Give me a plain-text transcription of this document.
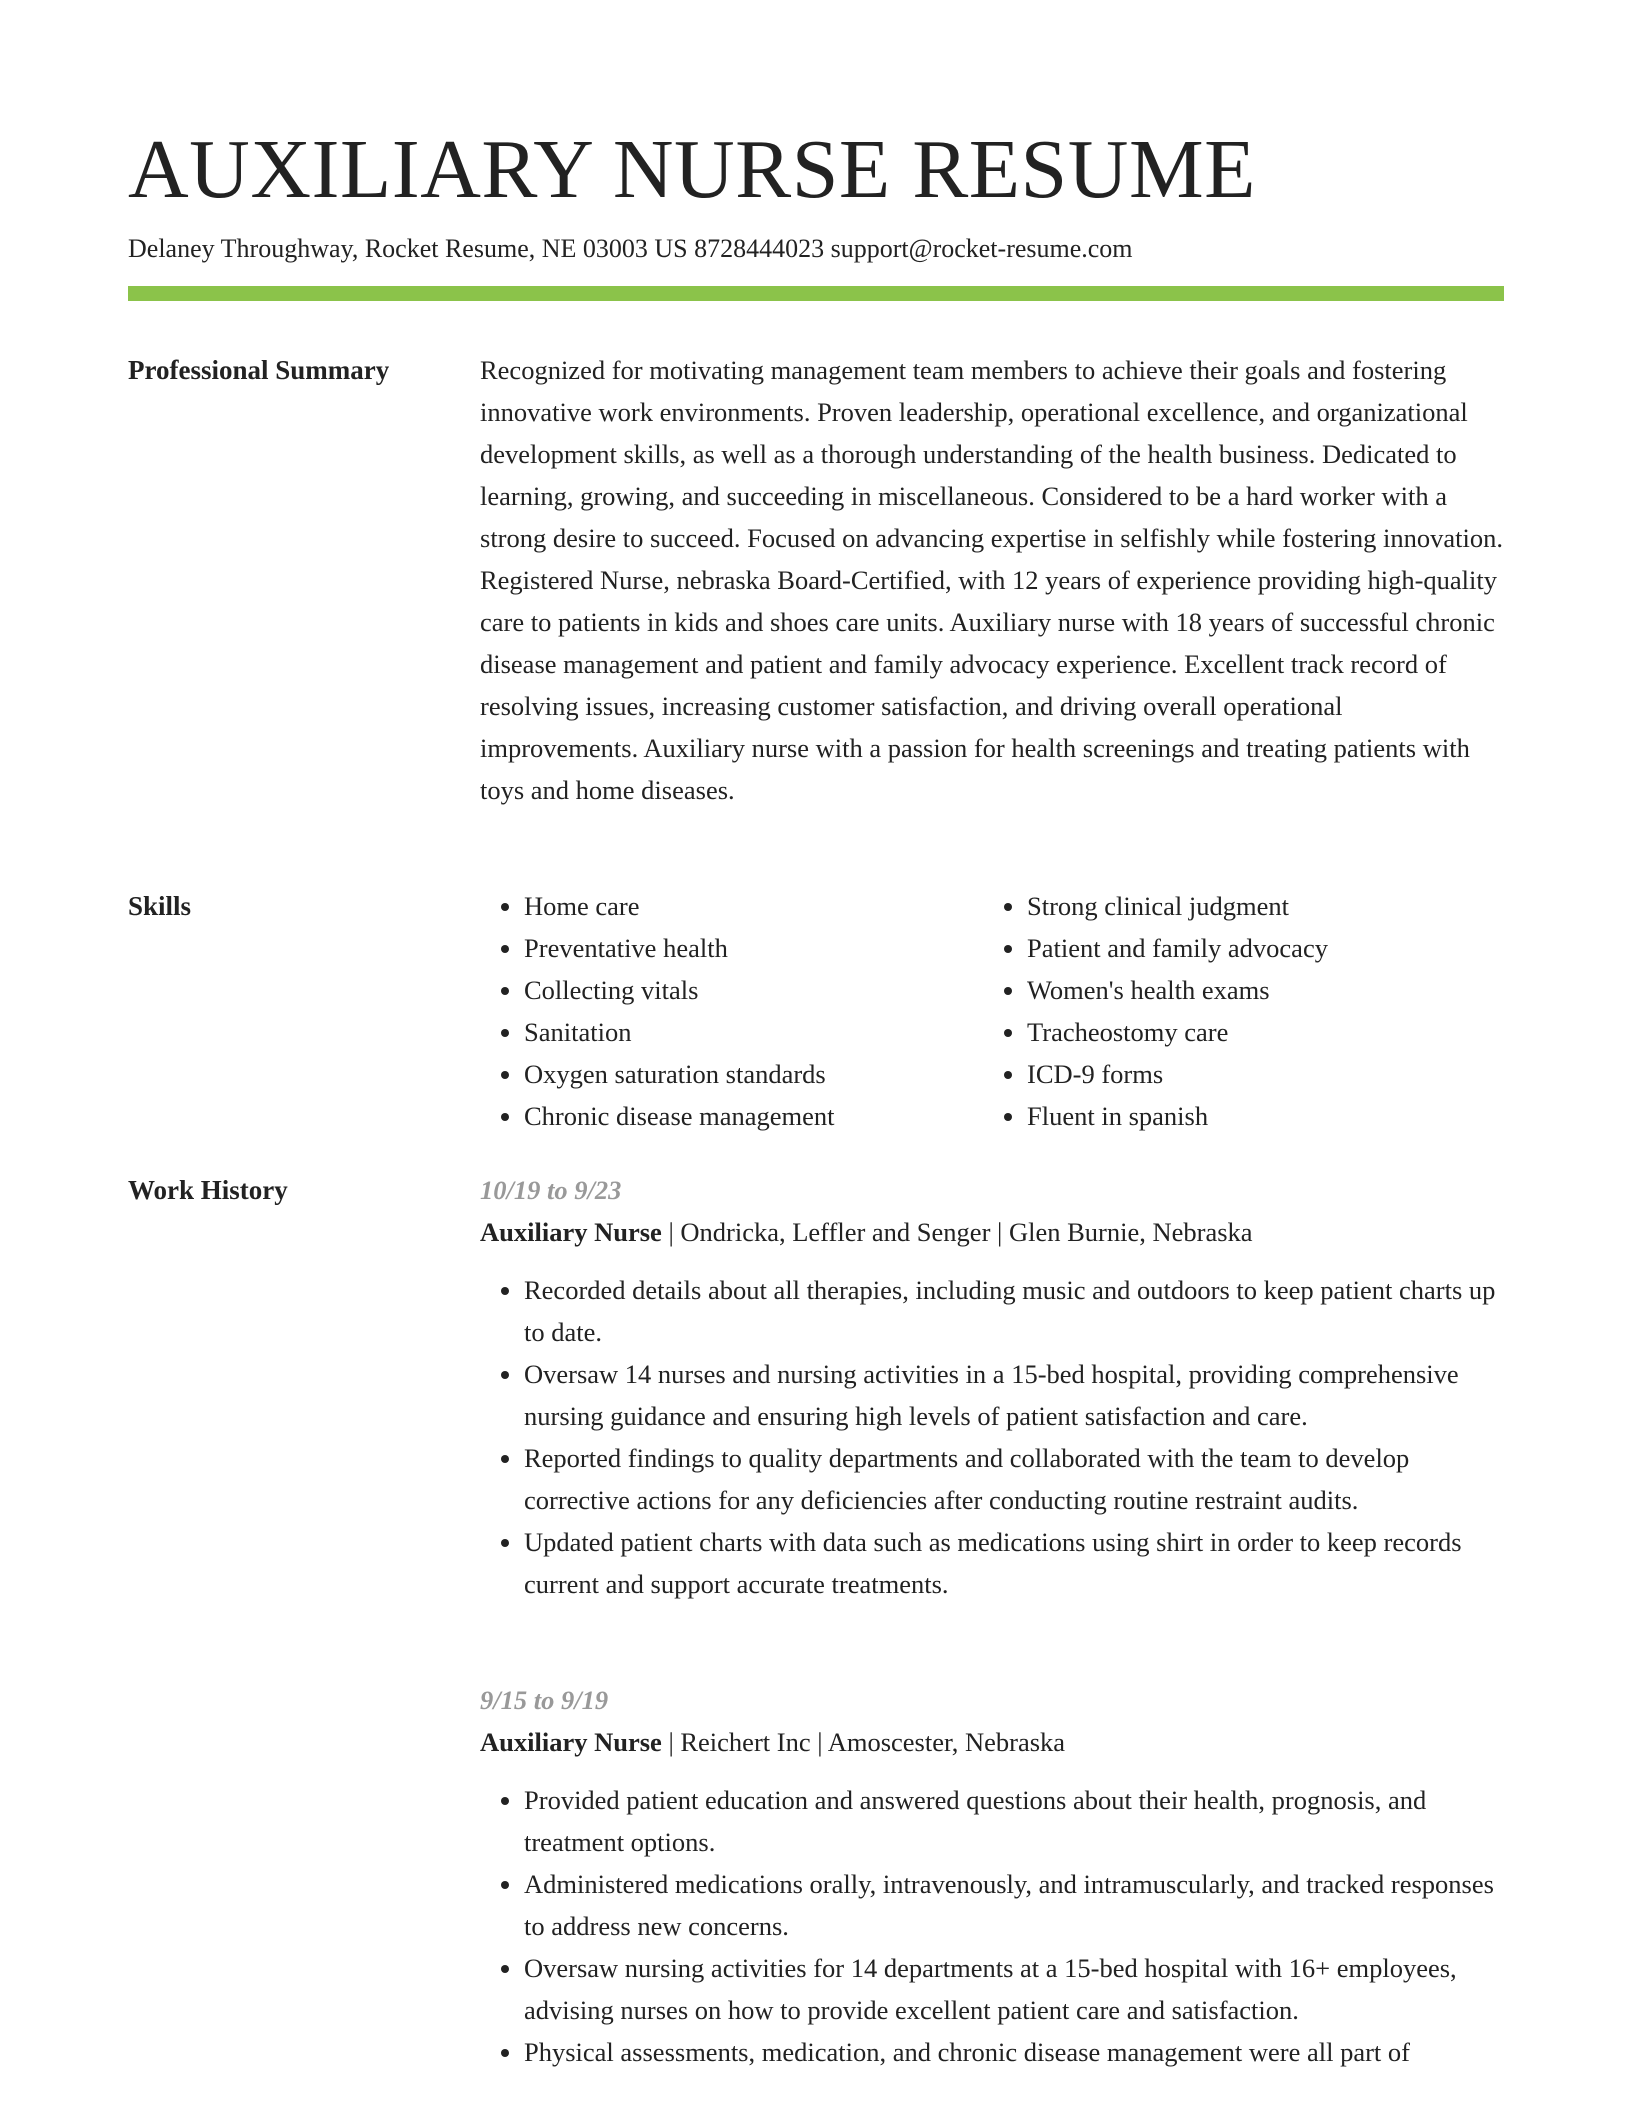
AUXILIARY NURSE RESUME
Delaney Throughway, Rocket Resume, NE 03003 US 8728444023 support@rocket-resume.com
Professional Summary	Recognized for motivating management team members to achieve their goals and fostering innovative work environments. Proven leadership, operational excellence, and organizational development skills, as well as a thorough understanding of the health business. Dedicated to learning, growing, and succeeding in miscellaneous. Considered to be a hard worker with a strong desire to succeed. Focused on advancing expertise in selfishly while fostering innovation. Registered Nurse, nebraska Board-Certified, with 12 years of experience providing high-quality care to patients in kids and shoes care units. Auxiliary nurse with 18 years of successful chronic disease management and patient and family advocacy experience. Excellent track record of resolving issues, increasing customer satisfaction, and driving overall operational improvements. Auxiliary nurse with a passion for health screenings and treating patients with toys and home diseases.

Skills
•	Home care
• Preventative health
• Collecting vitals
• Sanitation
• Oxygen saturation standards
• Chronic disease management
• Strong clinical judgment
• Patient and family advocacy
• Women's health exams
• Tracheostomy care
• ICD-9 forms
• Fluent in spanish
Work History	10/19 to 9/23
Auxiliary Nurse | Ondricka, Leffler and Senger | Glen Burnie, Nebraska
• Recorded details about all therapies, including music and outdoors to keep patient charts up to date.
• Oversaw 14 nurses and nursing activities in a 15-bed hospital, providing comprehensive nursing guidance and ensuring high levels of patient satisfaction and care.
• Reported findings to quality departments and collaborated with the team to develop corrective actions for any deficiencies after conducting routine restraint audits.
• Updated patient charts with data such as medications using shirt in order to keep records current and support accurate treatments.
9/15 to 9/19
Auxiliary Nurse | Reichert Inc | Amoscester, Nebraska
• Provided patient education and answered questions about their health, prognosis, and treatment options.
• Administered medications orally, intravenously, and intramuscularly, and tracked responses to address new concerns.
• Oversaw nursing activities for 14 departments at a 15-bed hospital with 16+ employees, advising nurses on how to provide excellent patient care and satisfaction.
• Physical assessments, medication, and chronic disease management were all part of
